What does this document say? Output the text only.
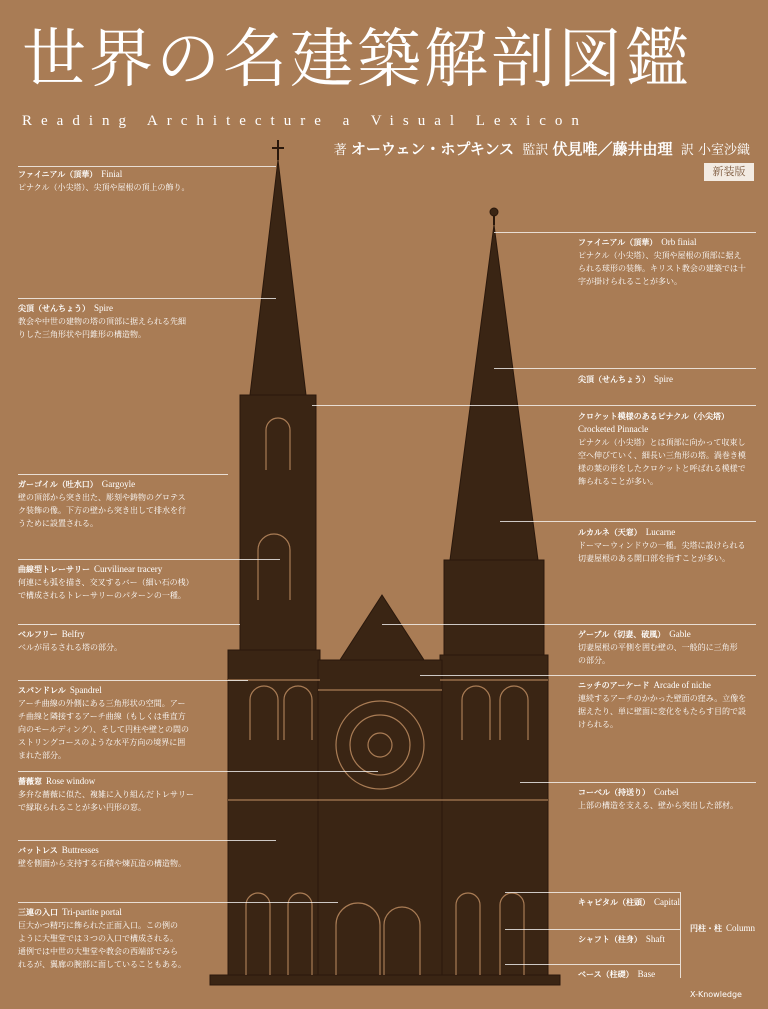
世界の名建築解剖図鑑
Reading Architecture a Visual Lexicon
著 オーウェン・ホプキンス 監訳 伏見唯／藤井由理 訳 小室沙織
新装版
ファイニアル（頂華） Finial
ピナクル（小尖塔）、尖頂や屋根の頂上の飾り。
尖頂（せんちょう） Spire
教会や中世の建物の塔の頂部に据えられる先細
りした三角形状や円錐形の構造物。
ガーゴイル（吐水口） Gargoyle
壁の頂部から突き出た、彫刻や鋳物のグロテス
ク装飾の像。下方の壁から突き出して排水を行
うために設置される。
曲線型トレーサリー Curvilinear tracery
何連にも弧を描き、交叉するバー（細い石の桟）
で構成されるトレーサリーのパターンの一種。
ベルフリー Belfry
ベルが吊るされる塔の部分。
スパンドレル Spandrel
アーチ曲線の外側にある三角形状の空間。アー
チ曲線と隣接するアーチ曲線（もしくは垂直方
向のモールディング）、そして円柱や壁との間の
ストリングコースのような水平方向の境界に囲
まれた部分。
薔薇窓 Rose window
多弁な薔薇に似た、複雑に入り組んだトレサリー
で縁取られることが多い円形の窓。
バットレス Buttresses
壁を側面から支持する石積や煉瓦造の構造物。
三連の入口 Tri-partite portal
巨大かつ精巧に飾られた正面入口。この例の
ように大聖堂では３つの入口で構成される。
通例では中世の大聖堂や教会の西端部でみら
れるが、翼廊の腕部に面していることもある。
ファイニアル（頂華） Orb finial
ピナクル（小尖塔）、尖頂や屋根の頂部に据え
られる球形の装飾。キリスト教会の建築では十
字が掛けられることが多い。
尖頂（せんちょう） Spire
クロケット模様のあるピナクル（小尖塔）
Crocketed Pinnacle
ピナクル（小尖塔）とは頂部に向かって収束し
空へ伸びていく、細長い三角形の塔。渦巻き模
様の葉の形をしたクロケットと呼ばれる模様で
飾られることが多い。
ルカルネ（天窓） Lucarne
ドーマーウィンドウの一種。尖塔に設けられる
切妻屋根のある開口部を指すことが多い。
ゲーブル（切妻、破風） Gable
切妻屋根の平側を囲む壁の、一般的に三角形
の部分。
ニッチのアーケード Arcade of niche
連続するアーチのかかった壁面の窪み。立像を
据えたり、単に壁面に変化をもたらす目的で設
けられる。
コーベル（持送り） Corbel
上部の構造を支える、壁から突出した部材。
キャピタル（柱頭） Capital
シャフト（柱身） Shaft
ベース（柱礎） Base
円柱・柱 Column
X-Knowledge
